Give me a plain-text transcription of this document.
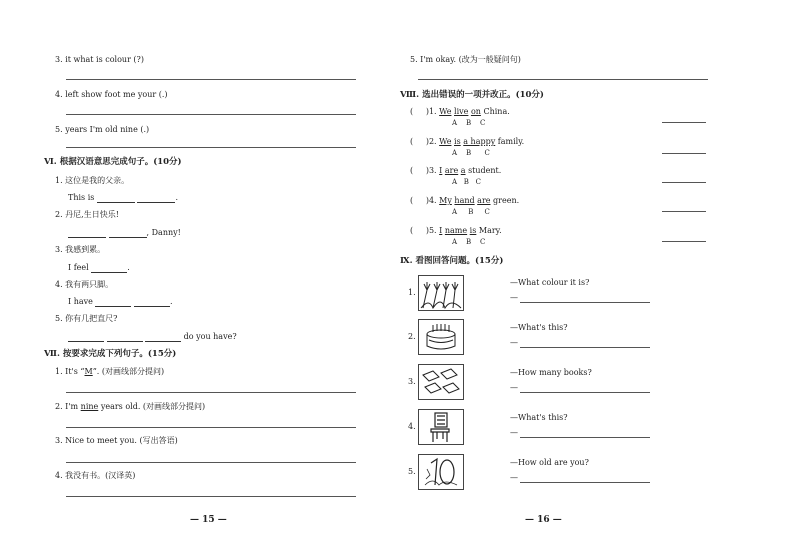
3. it what is colour (?)
4. left show foot me your (.)
5. years I'm old nine (.)
Ⅵ. 根据汉语意思完成句子。(10分)
1. 这位是我的父亲。
This is	.
2. 丹尼,生日快乐!
, Danny!
3. 我感到累。
I feel	.
4. 我有两只脚。
I have	.
5. 你有几把直尺?
do you have?
Ⅶ. 按要求完成下列句子。(15分)
1. It's “M”. (对画线部分提问)
2. I'm nine years old. (对画线部分提问)
3. Nice to meet you. (写出答语)
4. 我没有书。(汉译英)
— 15 —
5. I'm okay. (改为一般疑问句)
Ⅷ. 选出错误的一项并改正。(10分)
( )1. We live on China.
A B C
( )2. We is a happy family.
A B C
( )3. I are a student.
A B C
( )4. My hand are green.
A B C
( )5. I name is Mary.
A B C
Ⅸ. 看图回答问题。(15分)
1.
—What colour it is?
—
2.
—What's this?
—
3.
—How many books?
—
4.
—What's this?
—
5.
—How old are you?
—
— 16 —
